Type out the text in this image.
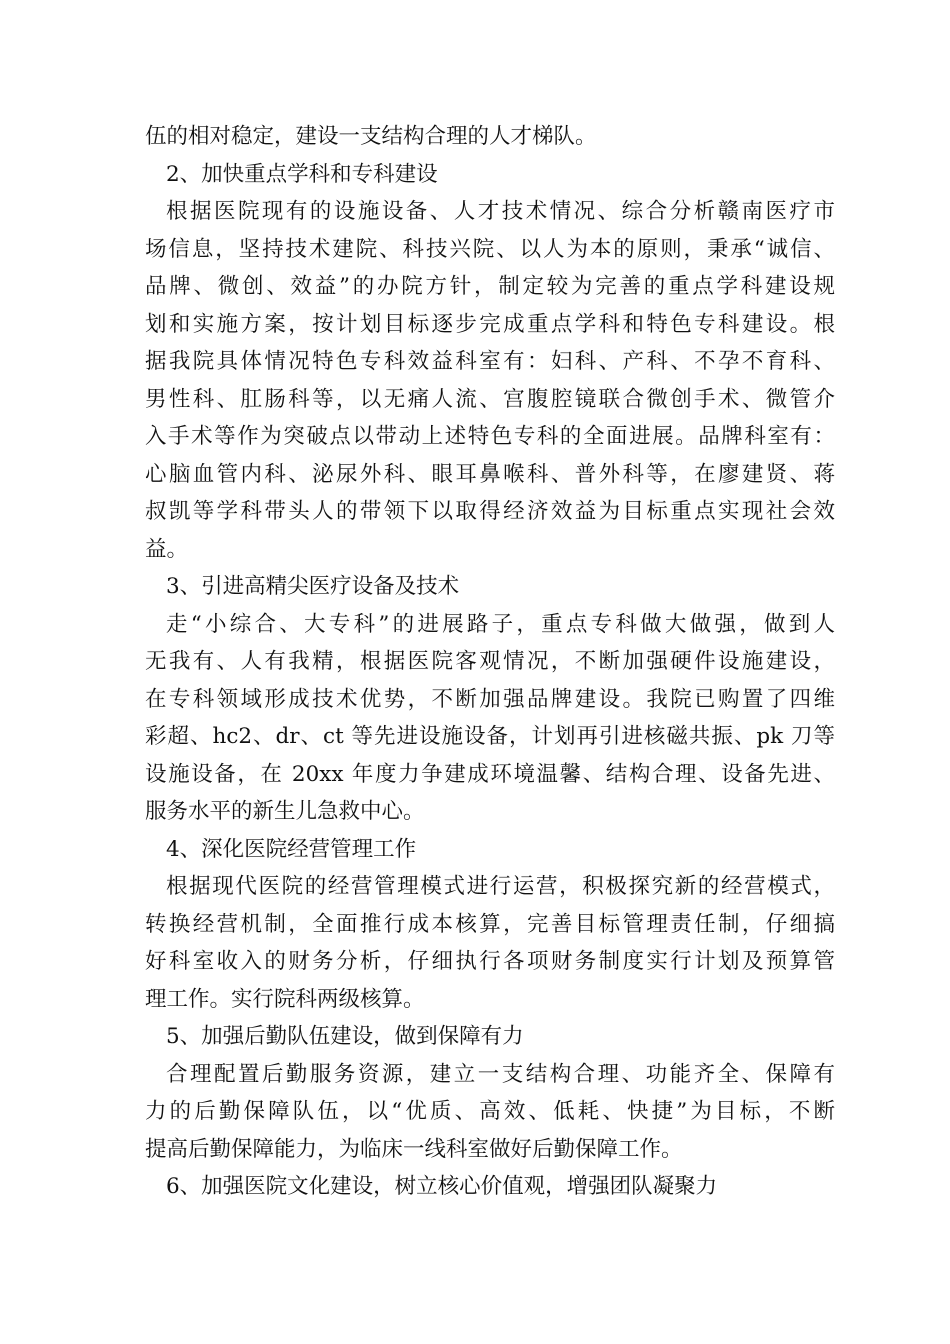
伍的相对稳定，建设一支结构合理的人才梯队。
2、加快重点学科和专科建设
根据医院现有的设施设备、人才技术情况、综合分析赣南医疗市
场信息，坚持技术建院、科技兴院、以人为本的原则，秉承“诚信、
品牌、微创、效益”的办院方针，制定较为完善的重点学科建设规
划和实施方案，按计划目标逐步完成重点学科和特色专科建设。根
据我院具体情况特色专科效益科室有：妇科、产科、不孕不育科、
男性科、肛肠科等，以无痛人流、宫腹腔镜联合微创手术、微管介
入手术等作为突破点以带动上述特色专科的全面进展。品牌科室有：
心脑血管内科、泌尿外科、眼耳鼻喉科、普外科等，在廖建贤、蒋
叔凯等学科带头人的带领下以取得经济效益为目标重点实现社会效
益。
3、引进高精尖医疗设备及技术
走“小综合、大专科”的进展路子，重点专科做大做强，做到人
无我有、人有我精，根据医院客观情况，不断加强硬件设施建设，
在专科领域形成技术优势，不断加强品牌建设。我院已购置了四维
彩超、hc2、dr、ct 等先进设施设备，计划再引进核磁共振、pk 刀等
设施设备，在 20xx 年度力争建成环境温馨、结构合理、设备先进、
服务水平的新生儿急救中心。
4、深化医院经营管理工作
根据现代医院的经营管理模式进行运营，积极探究新的经营模式，
转换经营机制，全面推行成本核算，完善目标管理责任制，仔细搞
好科室收入的财务分析，仔细执行各项财务制度实行计划及预算管
理工作。实行院科两级核算。
5、加强后勤队伍建设，做到保障有力
合理配置后勤服务资源，建立一支结构合理、功能齐全、保障有
力的后勤保障队伍，以“优质、高效、低耗、快捷”为目标，不断
提高后勤保障能力，为临床一线科室做好后勤保障工作。
6、加强医院文化建设，树立核心价值观，增强团队凝聚力
